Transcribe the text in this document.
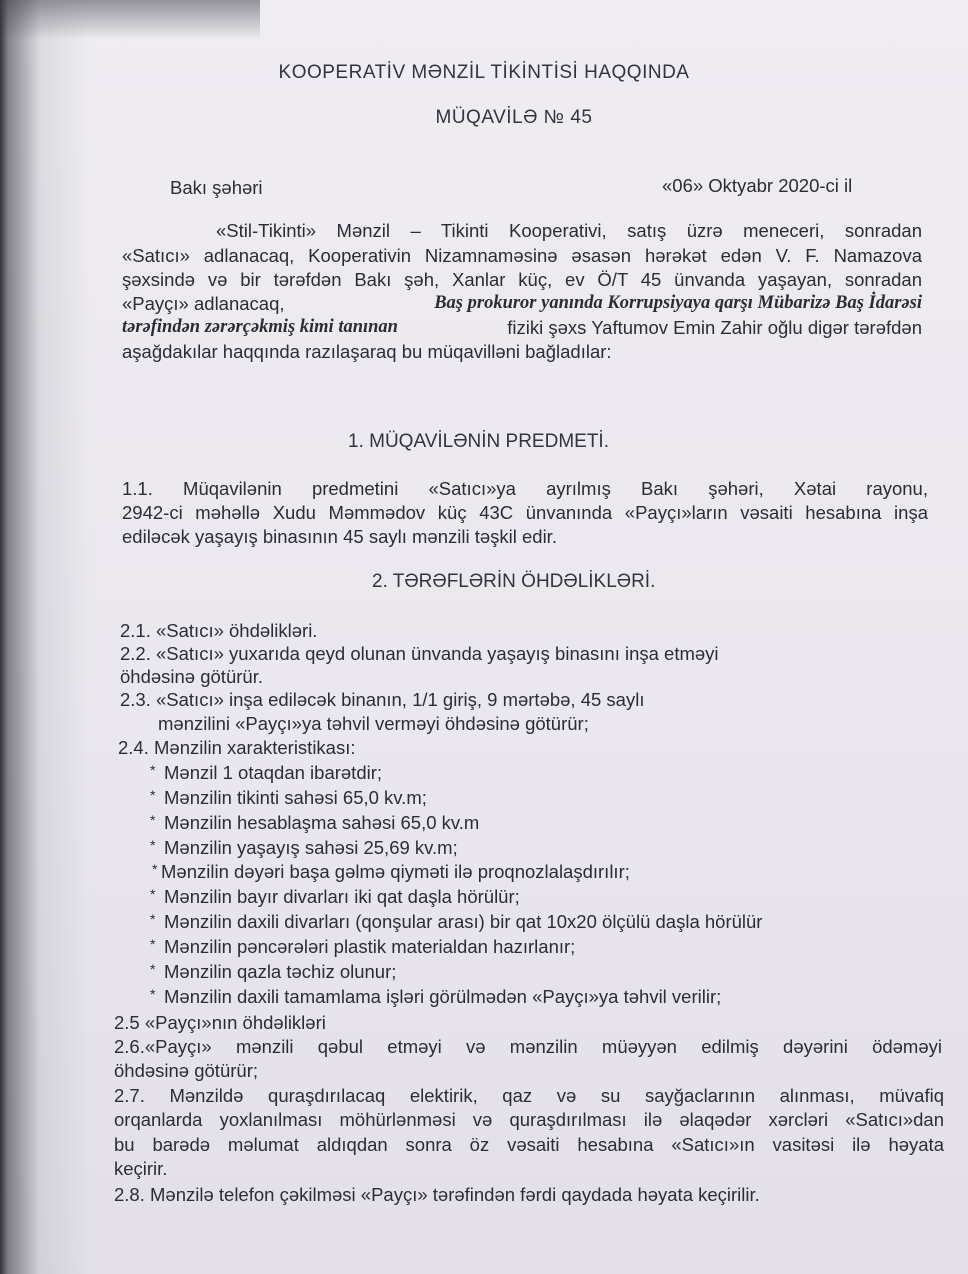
KOOPERATİV MƏNZİL TİKİNTİSİ HAQQINDA
MÜQAVİLƏ № 45
Bakı şəhəri	«06» Oktyabr 2020-ci il
«Stil-Tikinti» Mənzil – Tikinti Kooperativi, satış üzrə meneceri, sonradan
«Satıcı» adlanacaq, Kooperativin Nizamnaməsinə əsasən hərəkət edən V. F. Namazova
şəxsində və bir tərəfdən Bakı şəh, Xanlar küç, ev Ö/T 45 ünvanda yaşayan, sonradan
«Payçı» adlanacaq,	Baş prokuror yanında Korrupsiyaya qarşı Mübarizə Baş İdarəsi
tərəfindən zərərçəkmiş kimi tanınan	fiziki şəxs Yaftumov Emin Zahir oğlu digər tərəfdən
aşağdakılar haqqında razılaşaraq bu müqavilləni bağladılar:
1. MÜQAVİLƏNİN PREDMETİ.
1.1. Müqavilənin predmetini «Satıcı»ya ayrılmış Bakı şəhəri, Xətai rayonu,
2942-ci məhəllə Xudu Məmmədov küç 43C ünvanında «Payçı»ların vəsaiti hesabına inşa
ediləcək yaşayış binasının 45 saylı mənzili təşkil edir.
2. TƏRƏFLƏRİN ÖHDƏLİKLƏRİ.
2.1. «Satıcı» öhdəlikləri.
2.2. «Satıcı» yuxarıda qeyd olunan ünvanda yaşayış binasını inşa etməyi
öhdəsinə götürür.
2.3. «Satıcı» inşa ediləcək binanın, 1/1 giriş, 9 mərtəbə, 45 saylı
mənzilini «Payçı»ya təhvil verməyi öhdəsinə götürür;
2.4. Mənzilin xarakteristikası:
* Mənzil 1 otaqdan ibarətdir;
* Mənzilin tikinti sahəsi 65,0 kv.m;
* Mənzilin hesablaşma sahəsi 65,0 kv.m
* Mənzilin yaşayış sahəsi 25,69 kv.m;
* Mənzilin dəyəri başa gəlmə qiyməti ilə proqnozlalaşdırılır;
* Mənzilin bayır divarları iki qat daşla hörülür;
* Mənzilin daxili divarları (qonşular arası) bir qat 10x20 ölçülü daşla hörülür
* Mənzilin pəncərələri plastik materialdan hazırlanır;
* Mənzilin qazla təchiz olunur;
* Mənzilin daxili tamamlama işləri görülmədən «Payçı»ya təhvil verilir;
2.5 «Payçı»nın öhdəlikləri
2.6.«Payçı» mənzili qəbul etməyi və mənzilin müəyyən edilmiş dəyərini ödəməyi
öhdəsinə götürür;
2.7. Mənzildə quraşdırılacaq elektirik, qaz və su sayğaclarının alınması, müvafiq
orqanlarda yoxlanılması möhürlənməsi və quraşdırılması ilə əlaqədər xərcləri «Satıcı»dan
bu barədə məlumat aldıqdan sonra öz vəsaiti hesabına «Satıcı»ın vasitəsi ilə həyata
keçirir.
2.8. Mənzilə telefon çəkilməsi «Payçı» tərəfindən fərdi qaydada həyata keçirilir.
